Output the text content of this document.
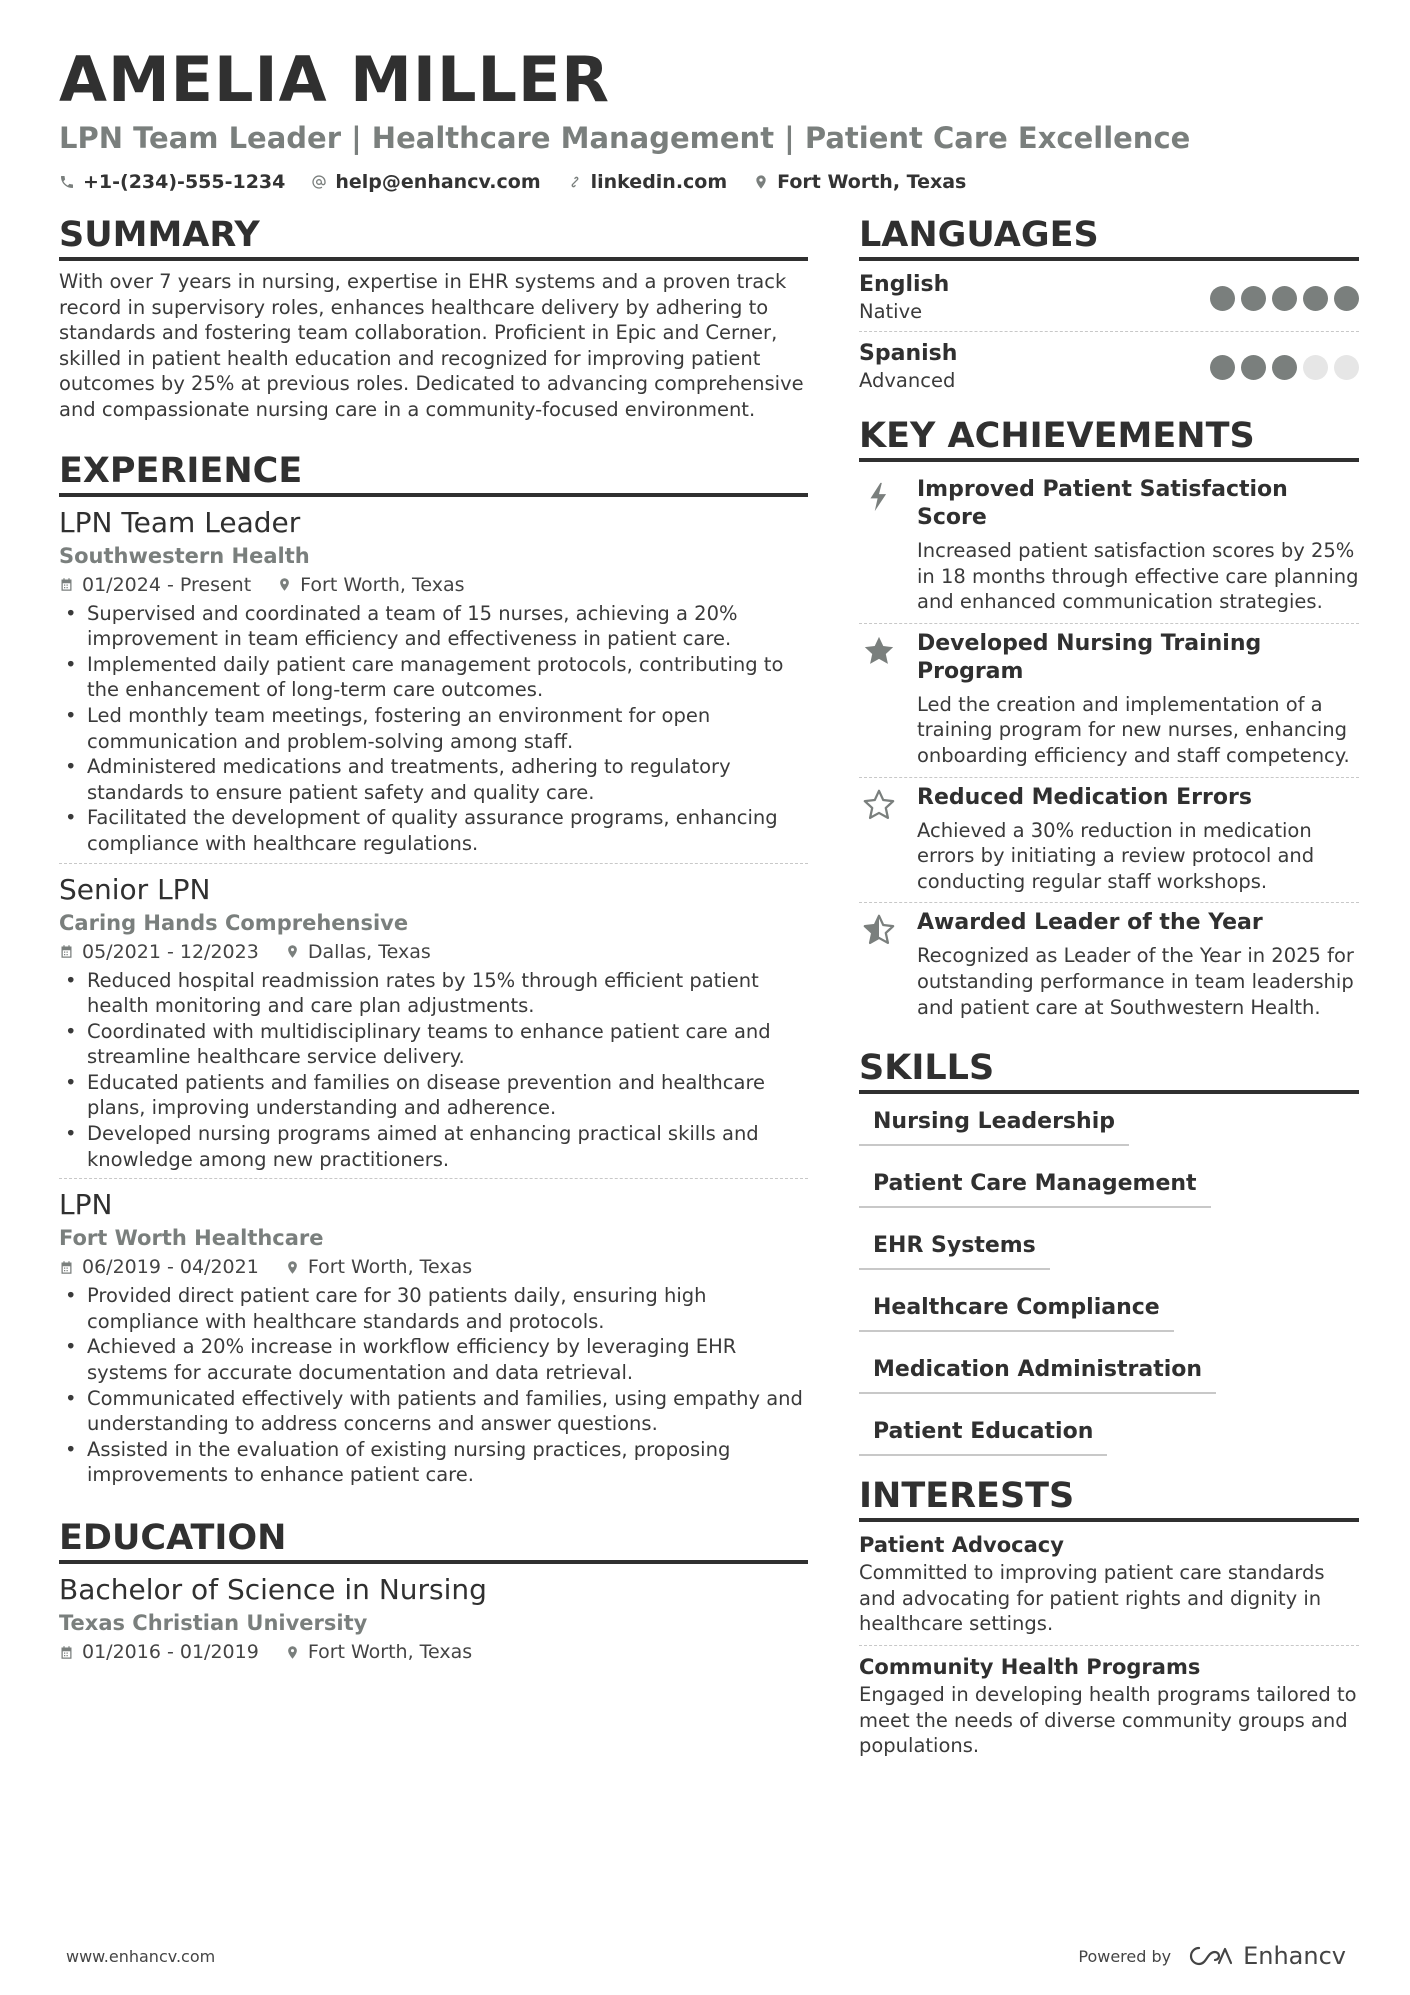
AMELIA MILLER
LPN Team Leader | Healthcare Management | Patient Care Excellence
+1-(234)-555-1234	help@enhancv.com	linkedin.com	Fort Worth, Texas
SUMMARY
With over 7 years in nursing, expertise in EHR systems and a proven track record in supervisory roles, enhances healthcare delivery by adhering to standards and fostering team collaboration. Proficient in Epic and Cerner, skilled in patient health education and recognized for improving patient outcomes by 25% at previous roles. Dedicated to advancing comprehensive and compassionate nursing care in a community-focused environment.
EXPERIENCE
LPN Team Leader
Southwestern Health
01/2024 - Present	Fort Worth, Texas
• Supervised and coordinated a team of 15 nurses, achieving a 20% improvement in team efficiency and effectiveness in patient care.
• Implemented daily patient care management protocols, contributing to the enhancement of long-term care outcomes.
• Led monthly team meetings, fostering an environment for open communication and problem-solving among staff.
• Administered medications and treatments, adhering to regulatory standards to ensure patient safety and quality care.
• Facilitated the development of quality assurance programs, enhancing compliance with healthcare regulations.
Senior LPN
Caring Hands Comprehensive
05/2021 - 12/2023	Dallas, Texas
• Reduced hospital readmission rates by 15% through efficient patient health monitoring and care plan adjustments.
• Coordinated with multidisciplinary teams to enhance patient care and streamline healthcare service delivery.
• Educated patients and families on disease prevention and healthcare plans, improving understanding and adherence.
• Developed nursing programs aimed at enhancing practical skills and knowledge among new practitioners.
LPN
Fort Worth Healthcare
06/2019 - 04/2021	Fort Worth, Texas
• Provided direct patient care for 30 patients daily, ensuring high compliance with healthcare standards and protocols.
• Achieved a 20% increase in workflow efficiency by leveraging EHR systems for accurate documentation and data retrieval.
• Communicated effectively with patients and families, using empathy and understanding to address concerns and answer questions.
• Assisted in the evaluation of existing nursing practices, proposing improvements to enhance patient care.
EDUCATION
Bachelor of Science in Nursing
Texas Christian University
01/2016 - 01/2019	Fort Worth, Texas
LANGUAGES
English
Native
Spanish
Advanced
KEY ACHIEVEMENTS
Improved Patient Satisfaction Score
Increased patient satisfaction scores by 25% in 18 months through effective care planning and enhanced communication strategies.
Developed Nursing Training Program
Led the creation and implementation of a training program for new nurses, enhancing onboarding efficiency and staff competency.
Reduced Medication Errors
Achieved a 30% reduction in medication errors by initiating a review protocol and conducting regular staff workshops.
Awarded Leader of the Year
Recognized as Leader of the Year in 2025 for outstanding performance in team leadership and patient care at Southwestern Health.
SKILLS
Nursing Leadership
Patient Care Management
EHR Systems
Healthcare Compliance
Medication Administration
Patient Education
INTERESTS
Patient Advocacy
Committed to improving patient care standards and advocating for patient rights and dignity in healthcare settings.
Community Health Programs
Engaged in developing health programs tailored to meet the needs of diverse community groups and populations.
www.enhancv.com	Powered by	Enhancv
